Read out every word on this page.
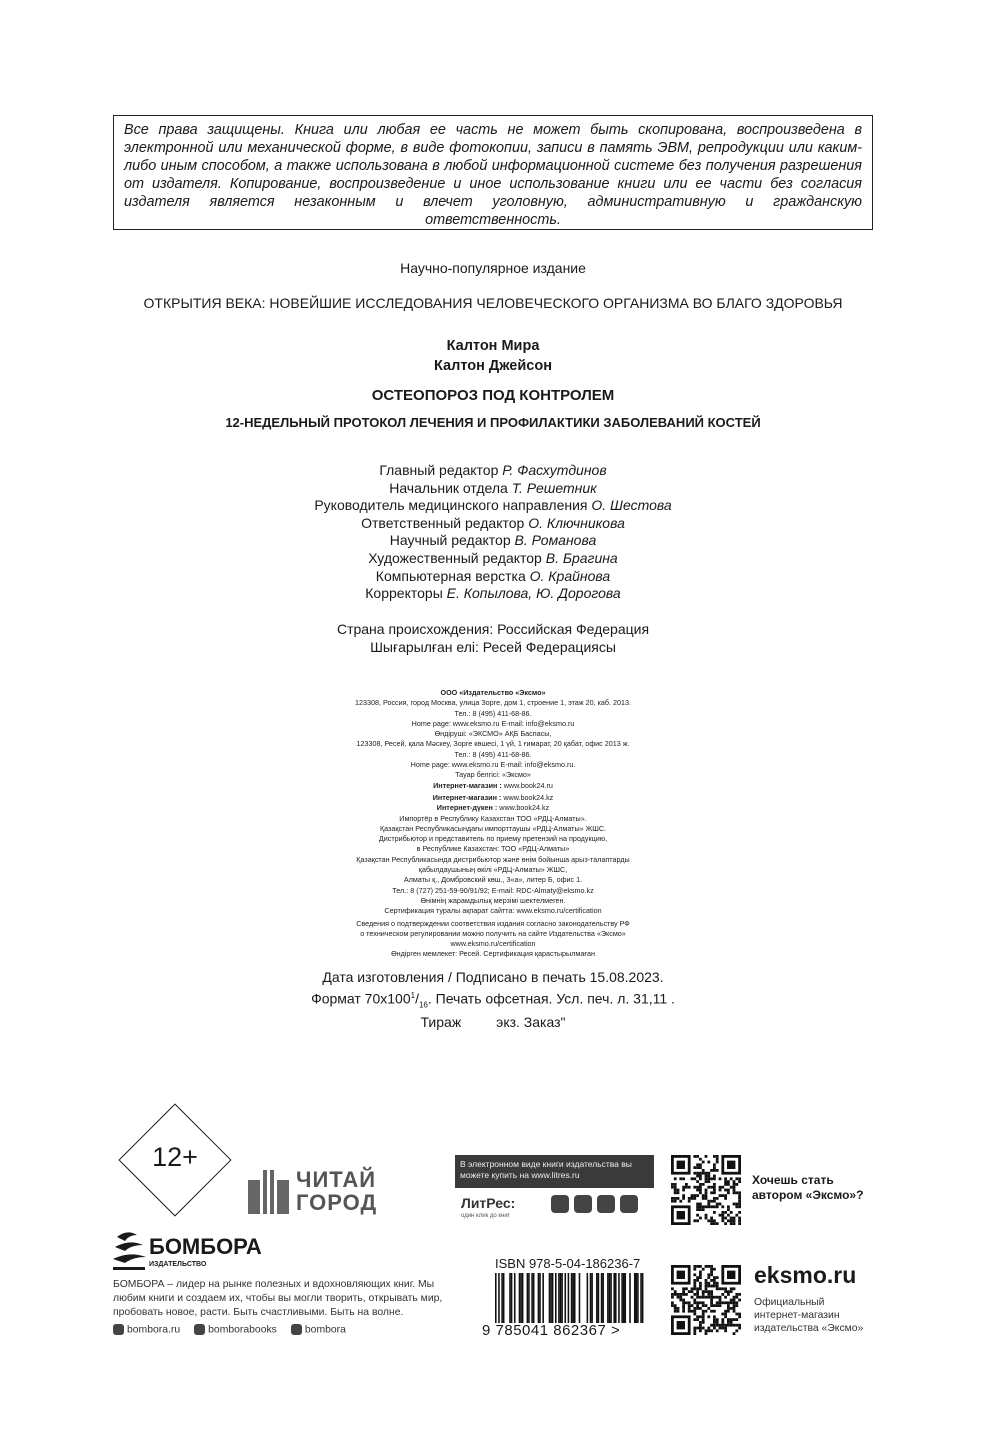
Все права защищены. Книга или любая ее часть не может быть скопирована, воспроизведена в электронной или механической форме, в виде фотокопии, записи в память ЭВМ, репродукции или каким-либо иным способом, а также использована в любой информационной системе без получения разрешения от издателя. Копирование, воспроизведение и иное использование книги или ее части без согласия издателя является незаконным и влечет уголовную, административную и гражданскую ответственность.
Научно-популярное издание
ОТКРЫТИЯ ВЕКА: НОВЕЙШИЕ ИССЛЕДОВАНИЯ ЧЕЛОВЕЧЕСКОГО ОРГАНИЗМА ВО БЛАГО ЗДОРОВЬЯ
Калтон Мира
Калтон Джейсон
ОСТЕОПОРОЗ ПОД КОНТРОЛЕМ
12-НЕДЕЛЬНЫЙ ПРОТОКОЛ ЛЕЧЕНИЯ И ПРОФИЛАКТИКИ ЗАБОЛЕВАНИЙ КОСТЕЙ
Главный редактор Р. Фасхутдинов
Начальник отдела Т. Решетник
Руководитель медицинского направления О. Шестова
Ответственный редактор О. Ключникова
Научный редактор В. Романова
Художественный редактор В. Брагина
Компьютерная верстка О. Крайнова
Корректоры Е. Копылова, Ю. Дорогова
Страна происхождения: Российская Федерация
Шығарылған елі: Ресей Федерациясы
ООО «Издательство «Эксмо»
123308, Россия, город Москва, улица Зорге, дом 1, строение 1, этаж 20, каб. 2013.
Тел.: 8 (495) 411-68-86.
Home page: www.eksmo.ru E-mail: info@eksmo.ru
Өндіруші: «ЭКСМО» АҚБ Баспасы,
123308, Ресей, қала Мәскеу, Зорге көшесі, 1 үй, 1 ғимарат, 20 қабат, офис 2013 ж.
Тел.: 8 (495) 411-68-86.
Home page: www.eksmo.ru E-mail: info@eksmo.ru.
Тауар белгісі: «Эксмо»
Интернет-магазин : www.book24.ru
Интернет-магазин : www.book24.kz
Интернет-дүкен : www.book24.kz
Импортёр в Республику Казахстан ТОО «РДЦ-Алматы».
Қазақстан Республикасындағы импорттаушы «РДЦ-Алматы» ЖШС.
Дистрибьютор и представитель по приему претензий на продукцию,
в Республике Казахстан: ТОО «РДЦ-Алматы»
Қазақстан Республикасында дистрибьютор және өнім бойынша арыз-талаптарды
қабылдаушының өкілі «РДЦ-Алматы» ЖШС,
Алматы қ., Домбровский көш., 3«а», литер Б, офис 1.
Тел.: 8 (727) 251-59-90/91/92; E-mail: RDC-Almaty@eksmo.kz
Өнімнің жарамдылық мерзімі шектелмеген.
Сертификация туралы ақпарат сайтта: www.eksmo.ru/certification
Сведения о подтверждении соответствия издания согласно законодательству РФ
о техническом регулировании можно получить на сайте Издательства «Эксмо»
www.eksmo.ru/certification
Өндірген мемлекет: Ресей. Сертификация қарастырылмаған
Дата изготовления / Подписано в печать 15.08.2023.
Формат $70х100^1/_{16}$. Печать офсетная. Усл. печ. л. 31,11 .
Тираж         экз. Заказ"
12+
ЧИТАЙ
ГОРОД
В электронном виде книги издательства вы можете купить на www.litres.ru
ЛитРес:
один клик до книг
Хочешь стать
автором «Эксмо»?
БОМБОРА
ИЗДАТЕЛЬСТВО
БОМБОРА – лидер на рынке полезных и вдохновляющих книг. Мы любим книги и создаем их, чтобы вы могли творить, открывать мир, пробовать новое, расти. Быть счастливыми. Быть на волне.
bombora.ru	bomborabooks	bombora
ISBN 978-5-04-186236-7
9 785041 862367 >
eksmo.ru
Официальный
интернет-магазин
издательства «Эксмо»
